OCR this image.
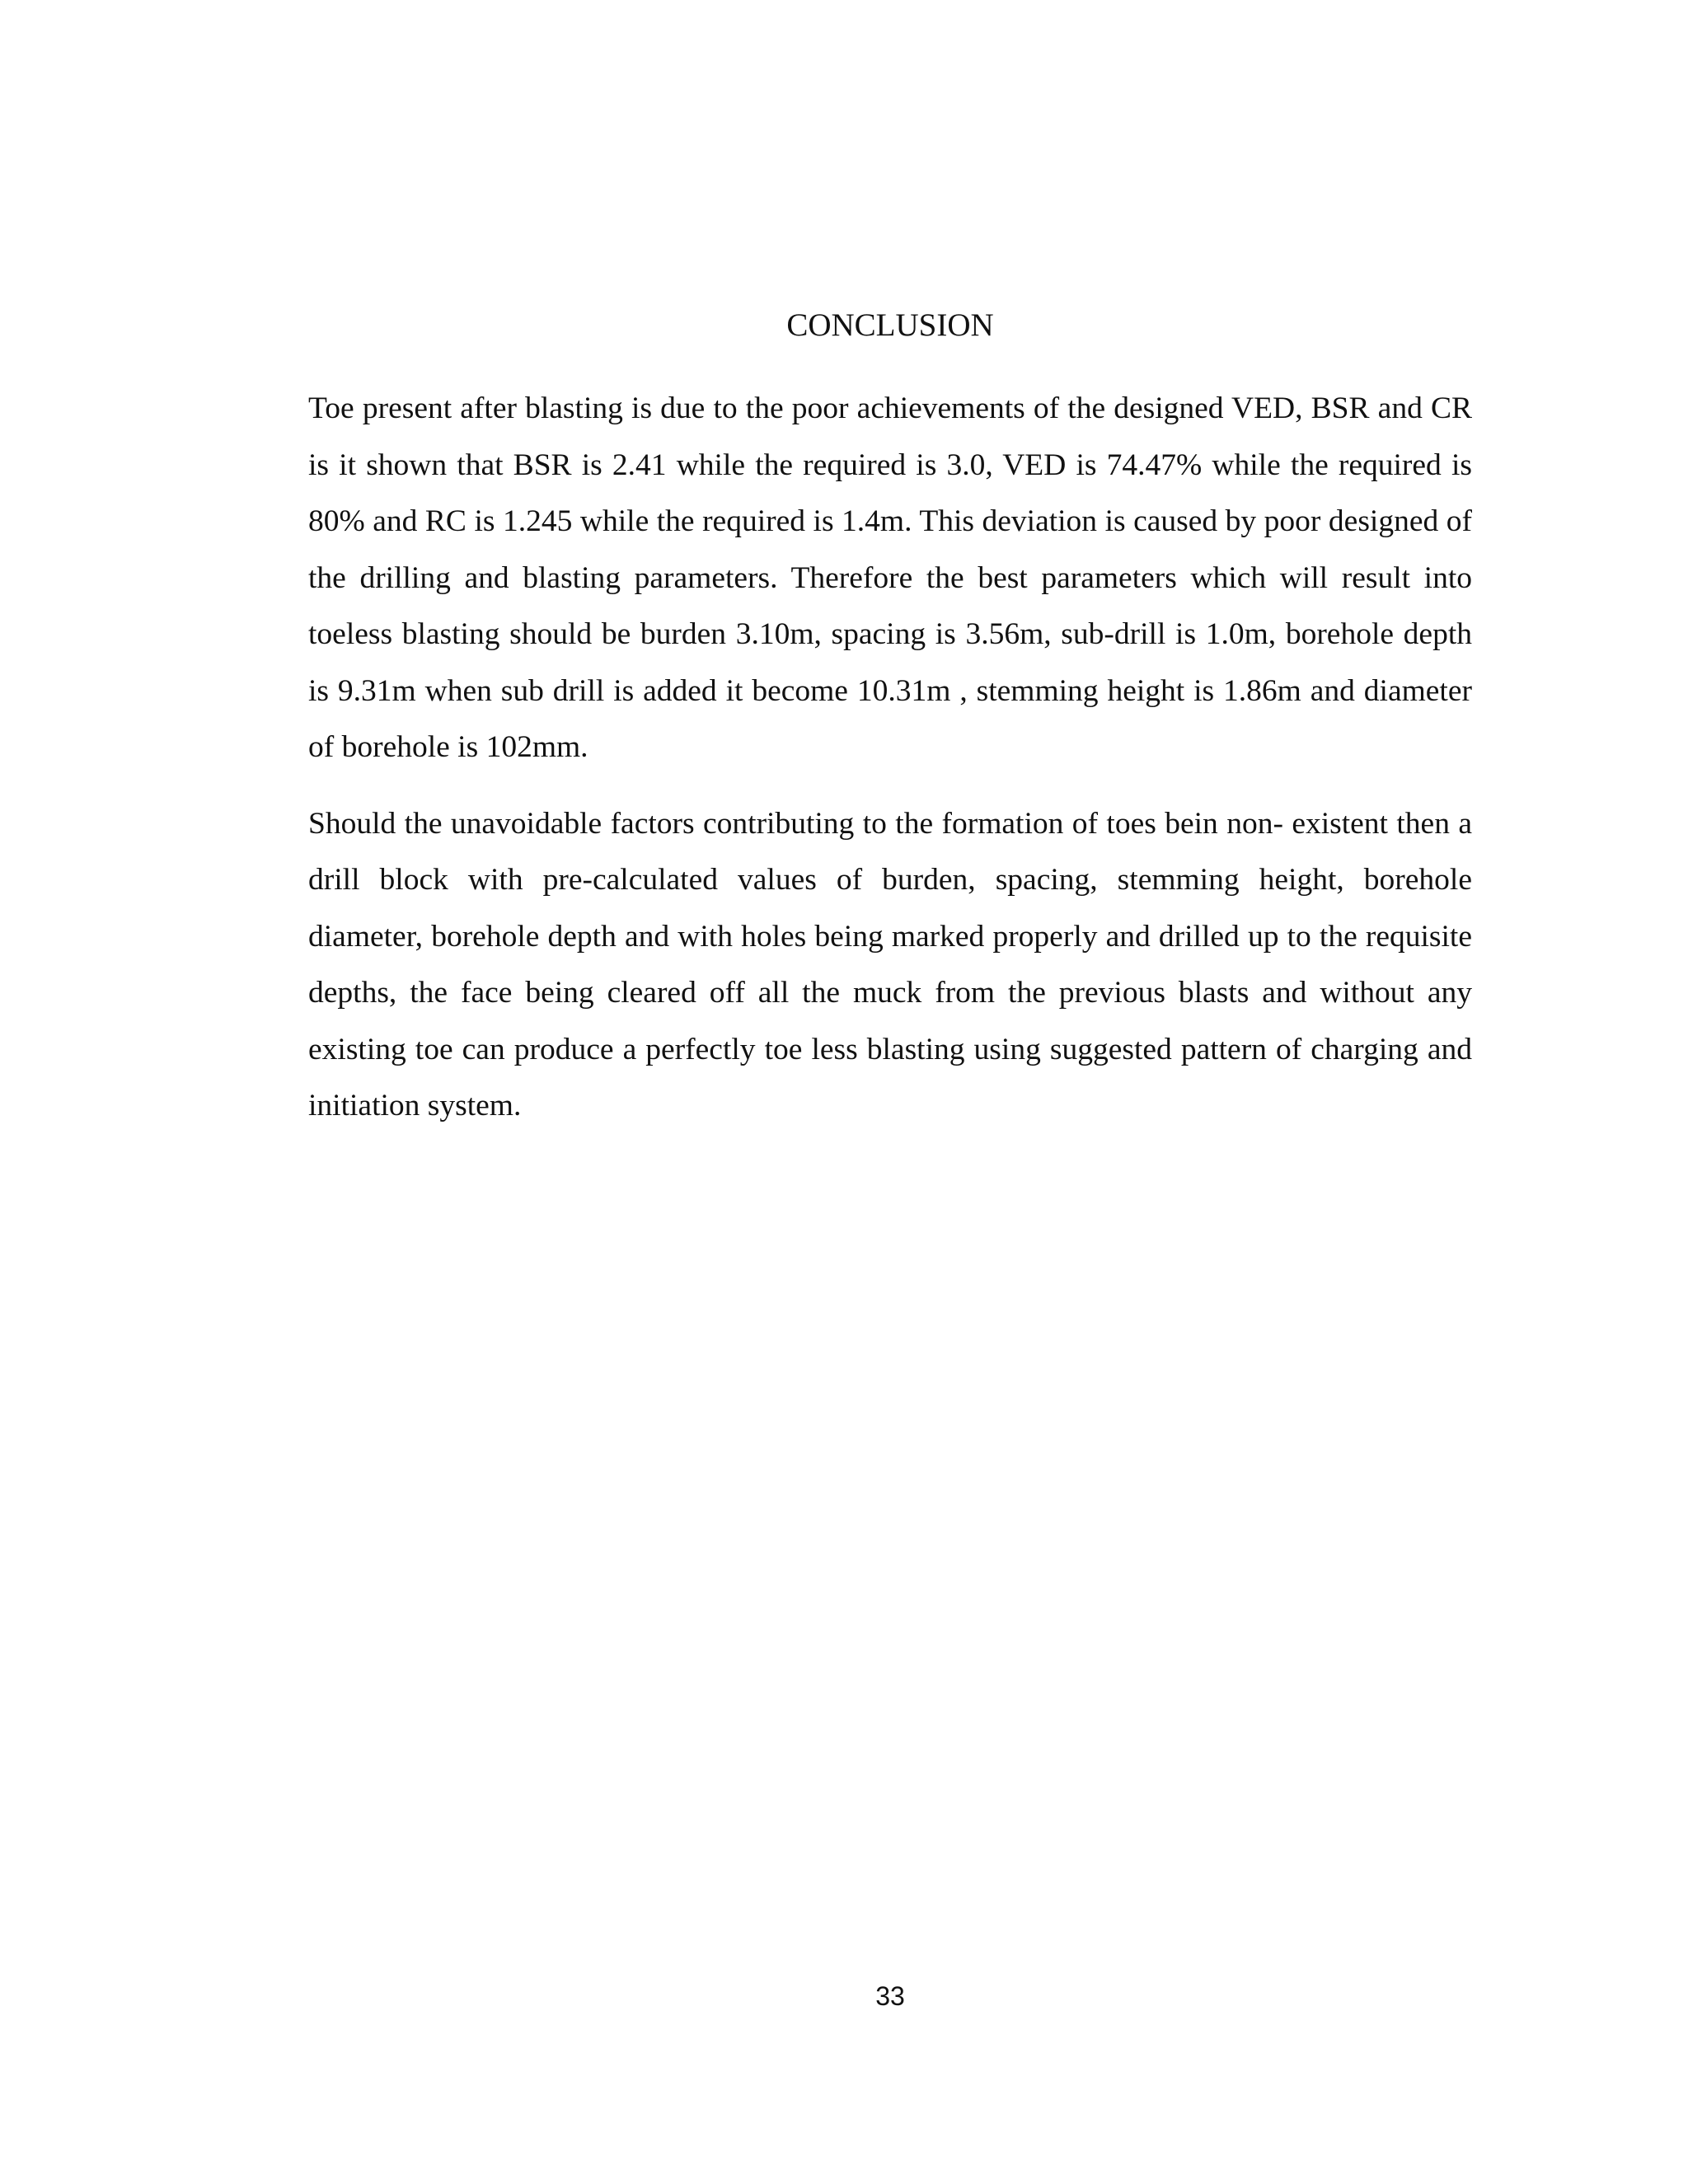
CONCLUSION

Toe present after blasting is due to the poor achievements of the designed VED, BSR and CR is it shown that BSR is 2.41 while the required is 3.0, VED is 74.47% while the required is 80% and RC is 1.245 while the required is 1.4m. This deviation is caused by poor designed of the drilling and blasting parameters. Therefore the best parameters which will result into toeless blasting should be burden 3.10m, spacing is 3.56m, sub-drill is 1.0m, borehole depth is 9.31m when sub drill is added it become 10.31m , stemming height is 1.86m and diameter of borehole is 102mm.

Should the unavoidable factors contributing to the formation of toes bein non- existent then a drill block with pre-calculated values of burden, spacing, stemming height, borehole diameter, borehole depth and with holes being marked properly and drilled up to the requisite depths, the face being cleared off all the muck from the previous blasts and without any existing toe can produce a perfectly toe less blasting using suggested pattern of charging and initiation system.

33
